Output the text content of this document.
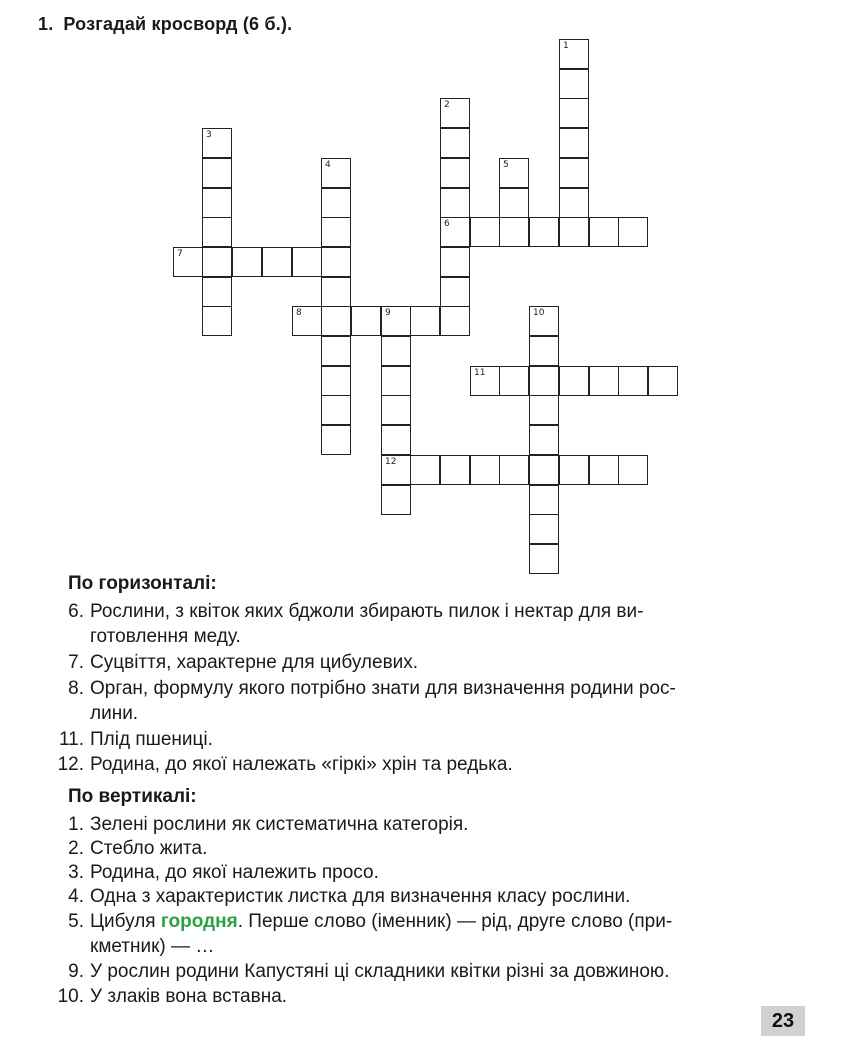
1. Розгадай кросворд (6 б.).
1
2
6
3
4	5
7
8	9
12
10
11
По горизонталі:
6. Рослини, з квіток яких бджоли збирають пилок і нектар для ви-
готовлення меду.
7. Суцвіття, характерне для цибулевих.
8. Орган, формулу якого потрібно знати для визначення родини рос-
лини.
11. Плід пшениці.
12. Родина, до якої належать «гіркі» хрін та редька.
По вертикалі:
1. Зелені рослини як систематична категорія.
2. Стебло жита.
3. Родина, до якої належить просо.
4. Одна з характеристик листка для визначення класу рослини.
5. Цибуля городня. Перше слово (іменник) — рід, друге слово (при-
кметник) — …
9. У рослин родини Капустяні ці складники квітки різні за довжиною.
10. У злаків вона вставна.
23
